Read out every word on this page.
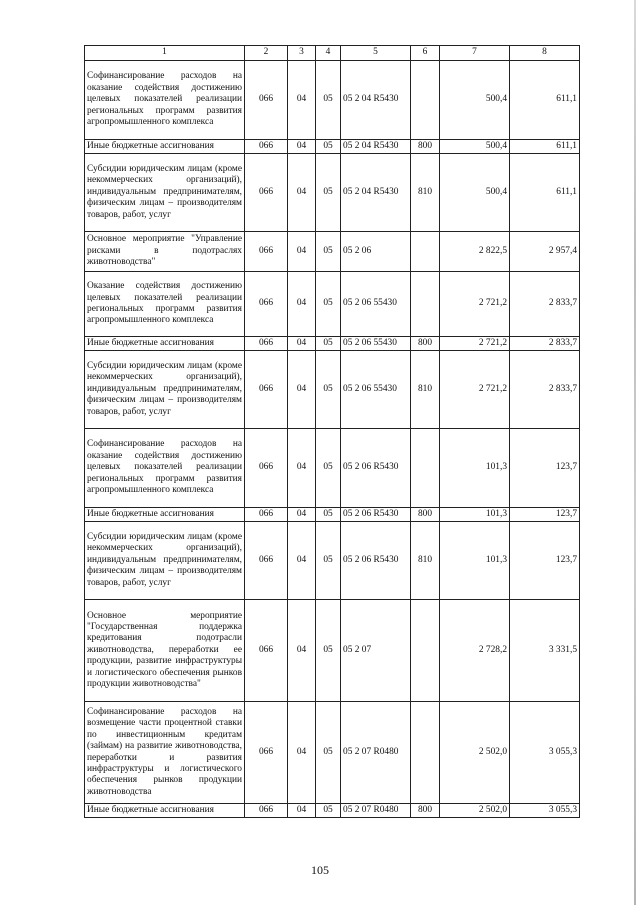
1	2	3	4	5	6	7	8
Софинансирование расходов на оказание содействия достижению целевых показателей реализации региональных программ развития агропромышленного комплекса	066	04	05	05 2 04 R5430		500,4	611,1
Иные бюджетные ассигнования	066	04	05	05 2 04 R5430	800	500,4	611,1
Субсидии юридическим лицам (кроме некоммерческих организаций), индивидуальным предпринимателям, физическим лицам – производителям товаров, работ, услуг	066	04	05	05 2 04 R5430	810	500,4	611,1
Основное мероприятие "Управление рисками в подотраслях животноводства"	066	04	05	05 2 06		2 822,5	2 957,4
Оказание содействия достижению целевых показателей реализации региональных программ развития агропромышленного комплекса	066	04	05	05 2 06 55430		2 721,2	2 833,7
Иные бюджетные ассигнования	066	04	05	05 2 06 55430	800	2 721,2	2 833,7
Субсидии юридическим лицам (кроме некоммерческих организаций), индивидуальным предпринимателям, физическим лицам – производителям товаров, работ, услуг	066	04	05	05 2 06 55430	810	2 721,2	2 833,7
Софинансирование расходов на оказание содействия достижению целевых показателей реализации региональных программ развития агропромышленного комплекса	066	04	05	05 2 06 R5430		101,3	123,7
Иные бюджетные ассигнования	066	04	05	05 2 06 R5430	800	101,3	123,7
Субсидии юридическим лицам (кроме некоммерческих организаций), индивидуальным предпринимателям, физическим лицам – производителям товаров, работ, услуг	066	04	05	05 2 06 R5430	810	101,3	123,7
Основное мероприятие "Государственная поддержка кредитования подотрасли животноводства, переработки ее продукции, развитие инфраструктуры и логистического обеспечения рынков продукции животноводства"	066	04	05	05 2 07		2 728,2	3 331,5
Софинансирование расходов на возмещение части процентной ставки по инвестиционным кредитам (займам) на развитие животноводства, переработки и развития инфраструктуры и логистического обеспечения рынков продукции животноводства	066	04	05	05 2 07 R0480		2 502,0	3 055,3
Иные бюджетные ассигнования	066	04	05	05 2 07 R0480	800	2 502,0	3 055,3
105
